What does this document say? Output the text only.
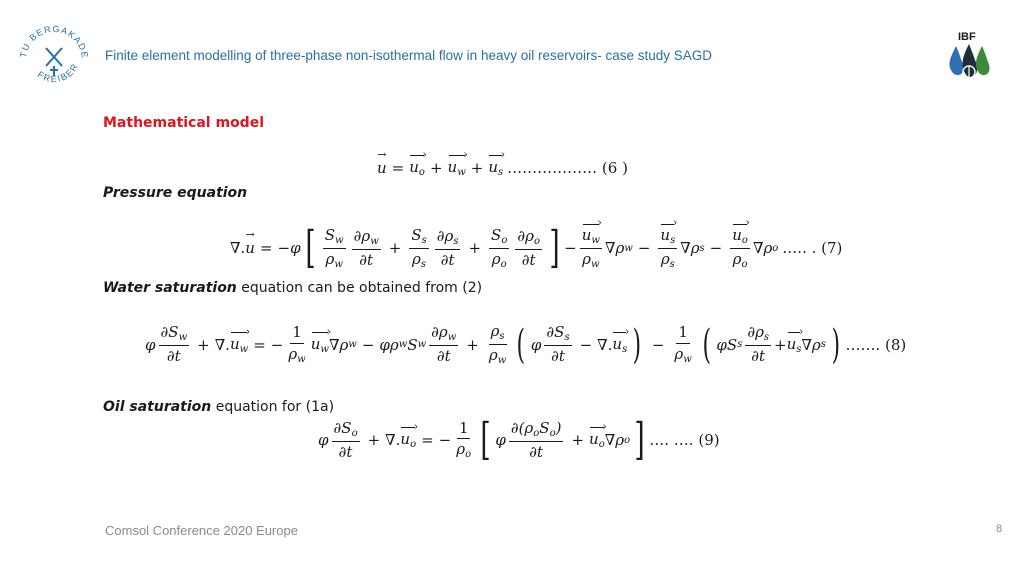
TU BERGAKADE
FREIBER
Finite element modelling of three-phase non-isothermal flow in heavy oil reservoirs- case study SAGD
IBF
Mathematical model
→ $u = u_o$ › + $u_w$ › + $u_s$ › ……………… (6 )
Pressure equation
∇.
→ u = − φ [ $\frac{S_w}{\rho_w} \frac{\partial\rho_w}{\partial t} + \frac{S_s}{\rho_s} \frac{\partial\rho_s}{\partial t} + \frac{S_o}{\rho_o} \frac{\partial\rho_o}{\partial t}$ ] − $\frac{u_w ›}{\rho_w}$ ∇ ρ $w - \frac{u_s ›}{\rho_s}$ ∇ ρ $s - \frac{u_o ›}{\rho_o}$ ∇ ρ o ….. . (7)
Water saturation equation can be obtained from (2)
φ $\frac{\partial S_w}{\partial t}$ + ∇. $u_w$ › = − $\frac{1}{\rho_w} u_w$ › ∇ ρ w − φρ w S w $\frac{\partial\rho_w}{\partial t} + \frac{\rho_s}{\rho_w}$ ( φ $\frac{\partial S_s}{\partial t}$ − ∇. $u_s$ › ) − $\frac{1}{\rho_w}$ ( φS s $\frac{\partial\rho_s}{\partial t} + u_s$ › ∇ ρ s ) ……. (8)
Oil saturation equation for (1a)
φ $\frac{\partial S_o}{\partial t}$ + ∇. $u_o$ › = − $\frac{1}{\rho_o}$ [ φ $\frac{\partial(\rho_oS_o)}{\partial t} + u_o$ › ∇ ρ o ] …. …. (9)
Comsol Conference 2020 Europe	8
